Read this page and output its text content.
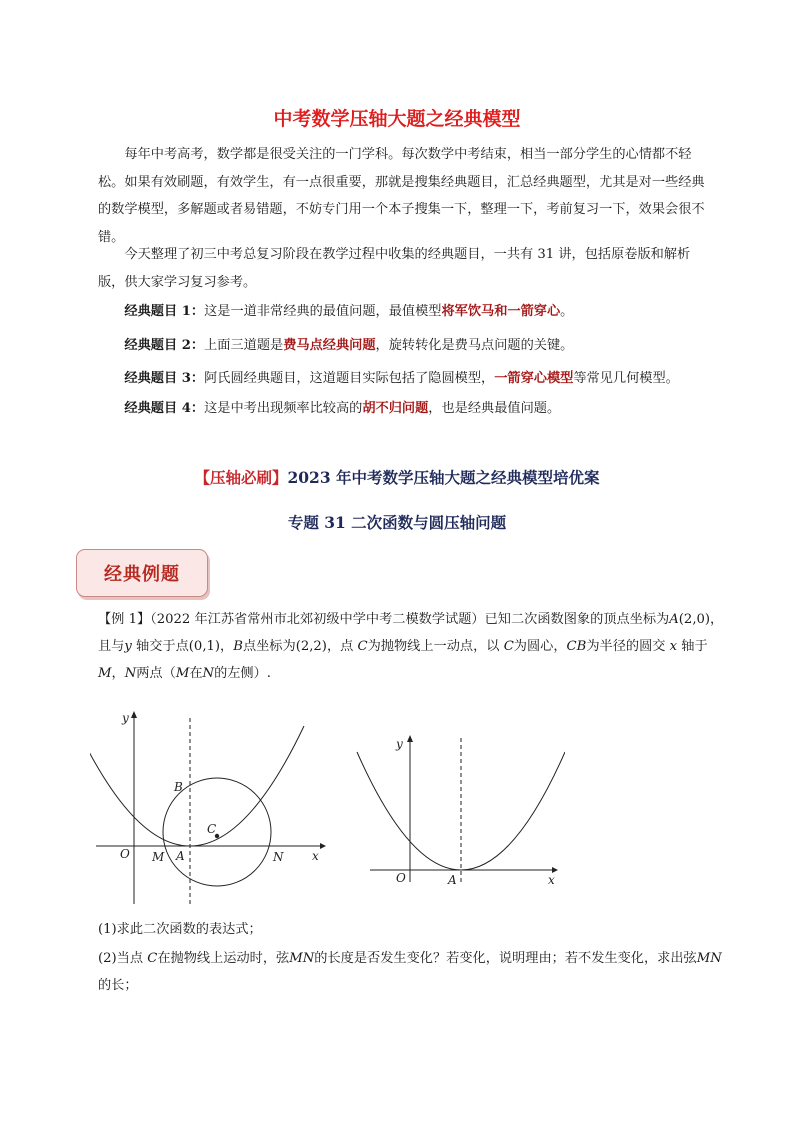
中考数学压轴大题之经典模型

每年中考高考，数学都是很受关注的一门学科。每次数学中考结束，相当一部分学生的心情都不轻松。如果有效刷题，有效学生，有一点很重要，那就是搜集经典题目，汇总经典题型，尤其是对一些经典的数学模型，多解题或者易错题，不妨专门用一个本子搜集一下，整理一下，考前复习一下，效果会很不错。

今天整理了初三中考总复习阶段在教学过程中收集的经典题目，一共有 31 讲，包括原卷版和解析版，供大家学习复习参考。

经典题目 1：这是一道非常经典的最值问题，最值模型将军饮马和一箭穿心。
经典题目 2：上面三道题是费马点经典问题，旋转转化是费马点问题的关键。
经典题目 3：阿氏圆经典题目，这道题目实际包括了隐圆模型，一箭穿心模型等常见几何模型。
经典题目 4：这是中考出现频率比较高的胡不归问题，也是经典最值问题。
【压轴必刷】2023 年中考数学压轴大题之经典模型培优案
专题 31 二次函数与圆压轴问题
经典例题

【例 1】（2022 年江苏省常州市北郊初级中学中考二模数学试题）已知二次函数图象的顶点坐标为A(2,0)，且与y 轴交于点(0,1)，B点坐标为(2,2)，点 C为抛物线上一动点，以 C为圆心，CB为半径的圆交 x 轴于 M，N两点（M在N的左侧）.

O M A	N x
y
B
C
O	A	x
y
(1)求此二次函数的表达式；

(2)当点 C在抛物线上运动时，弦MN的长度是否发生变化？若变化，说明理由；若不发生变化，求出弦MN的长；
